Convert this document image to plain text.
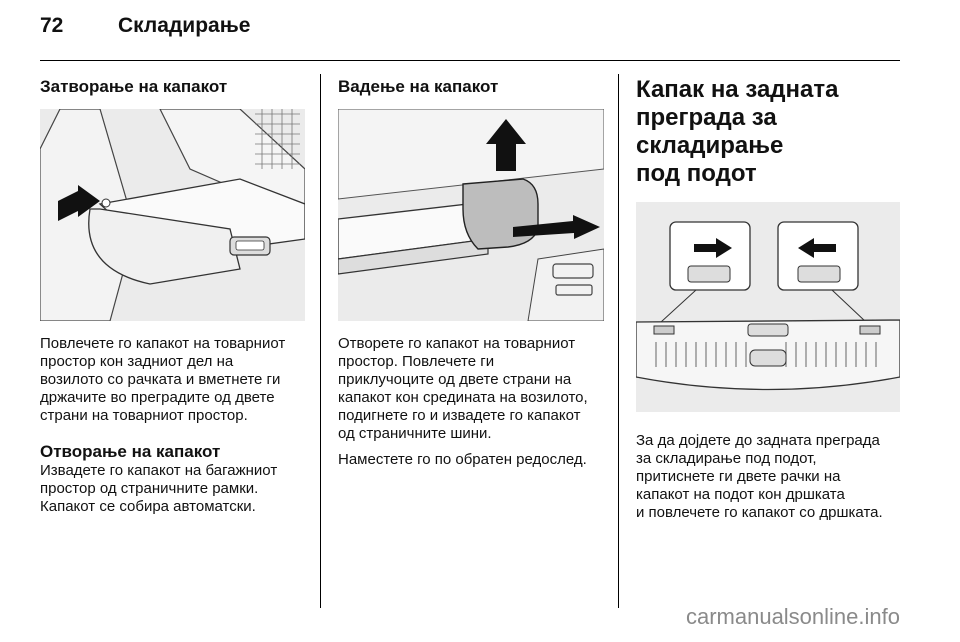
72	Складирање
Затворање на капакот

Повлечете го капакот на товарниот
простор кон задниот дел на
возилото со рачката и вметнете ги
држачите во преградите од двете
страни на товарниот простор.

Отворање на капакот

Извадете го капакот на багажниот
простор од страничните рамки.
Капакот се собира автоматски.

Вадење на капакот

Отворете го капакот на товарниот
простор. Повлечете ги
приклучоците од двете страни на
капакот кон средината на возилото,
подигнете го и извадете го капакот
од страничните шини.

Наместете го по обратен редослед.

Капак на задната
преграда за складирање
под подот

За да дојдете до задната преграда
за складирање под подот,
притиснете ги двете рачки на
капакот на подот кон дршката
и повлечете го капакот со дршката.

carmanualsonline.info
